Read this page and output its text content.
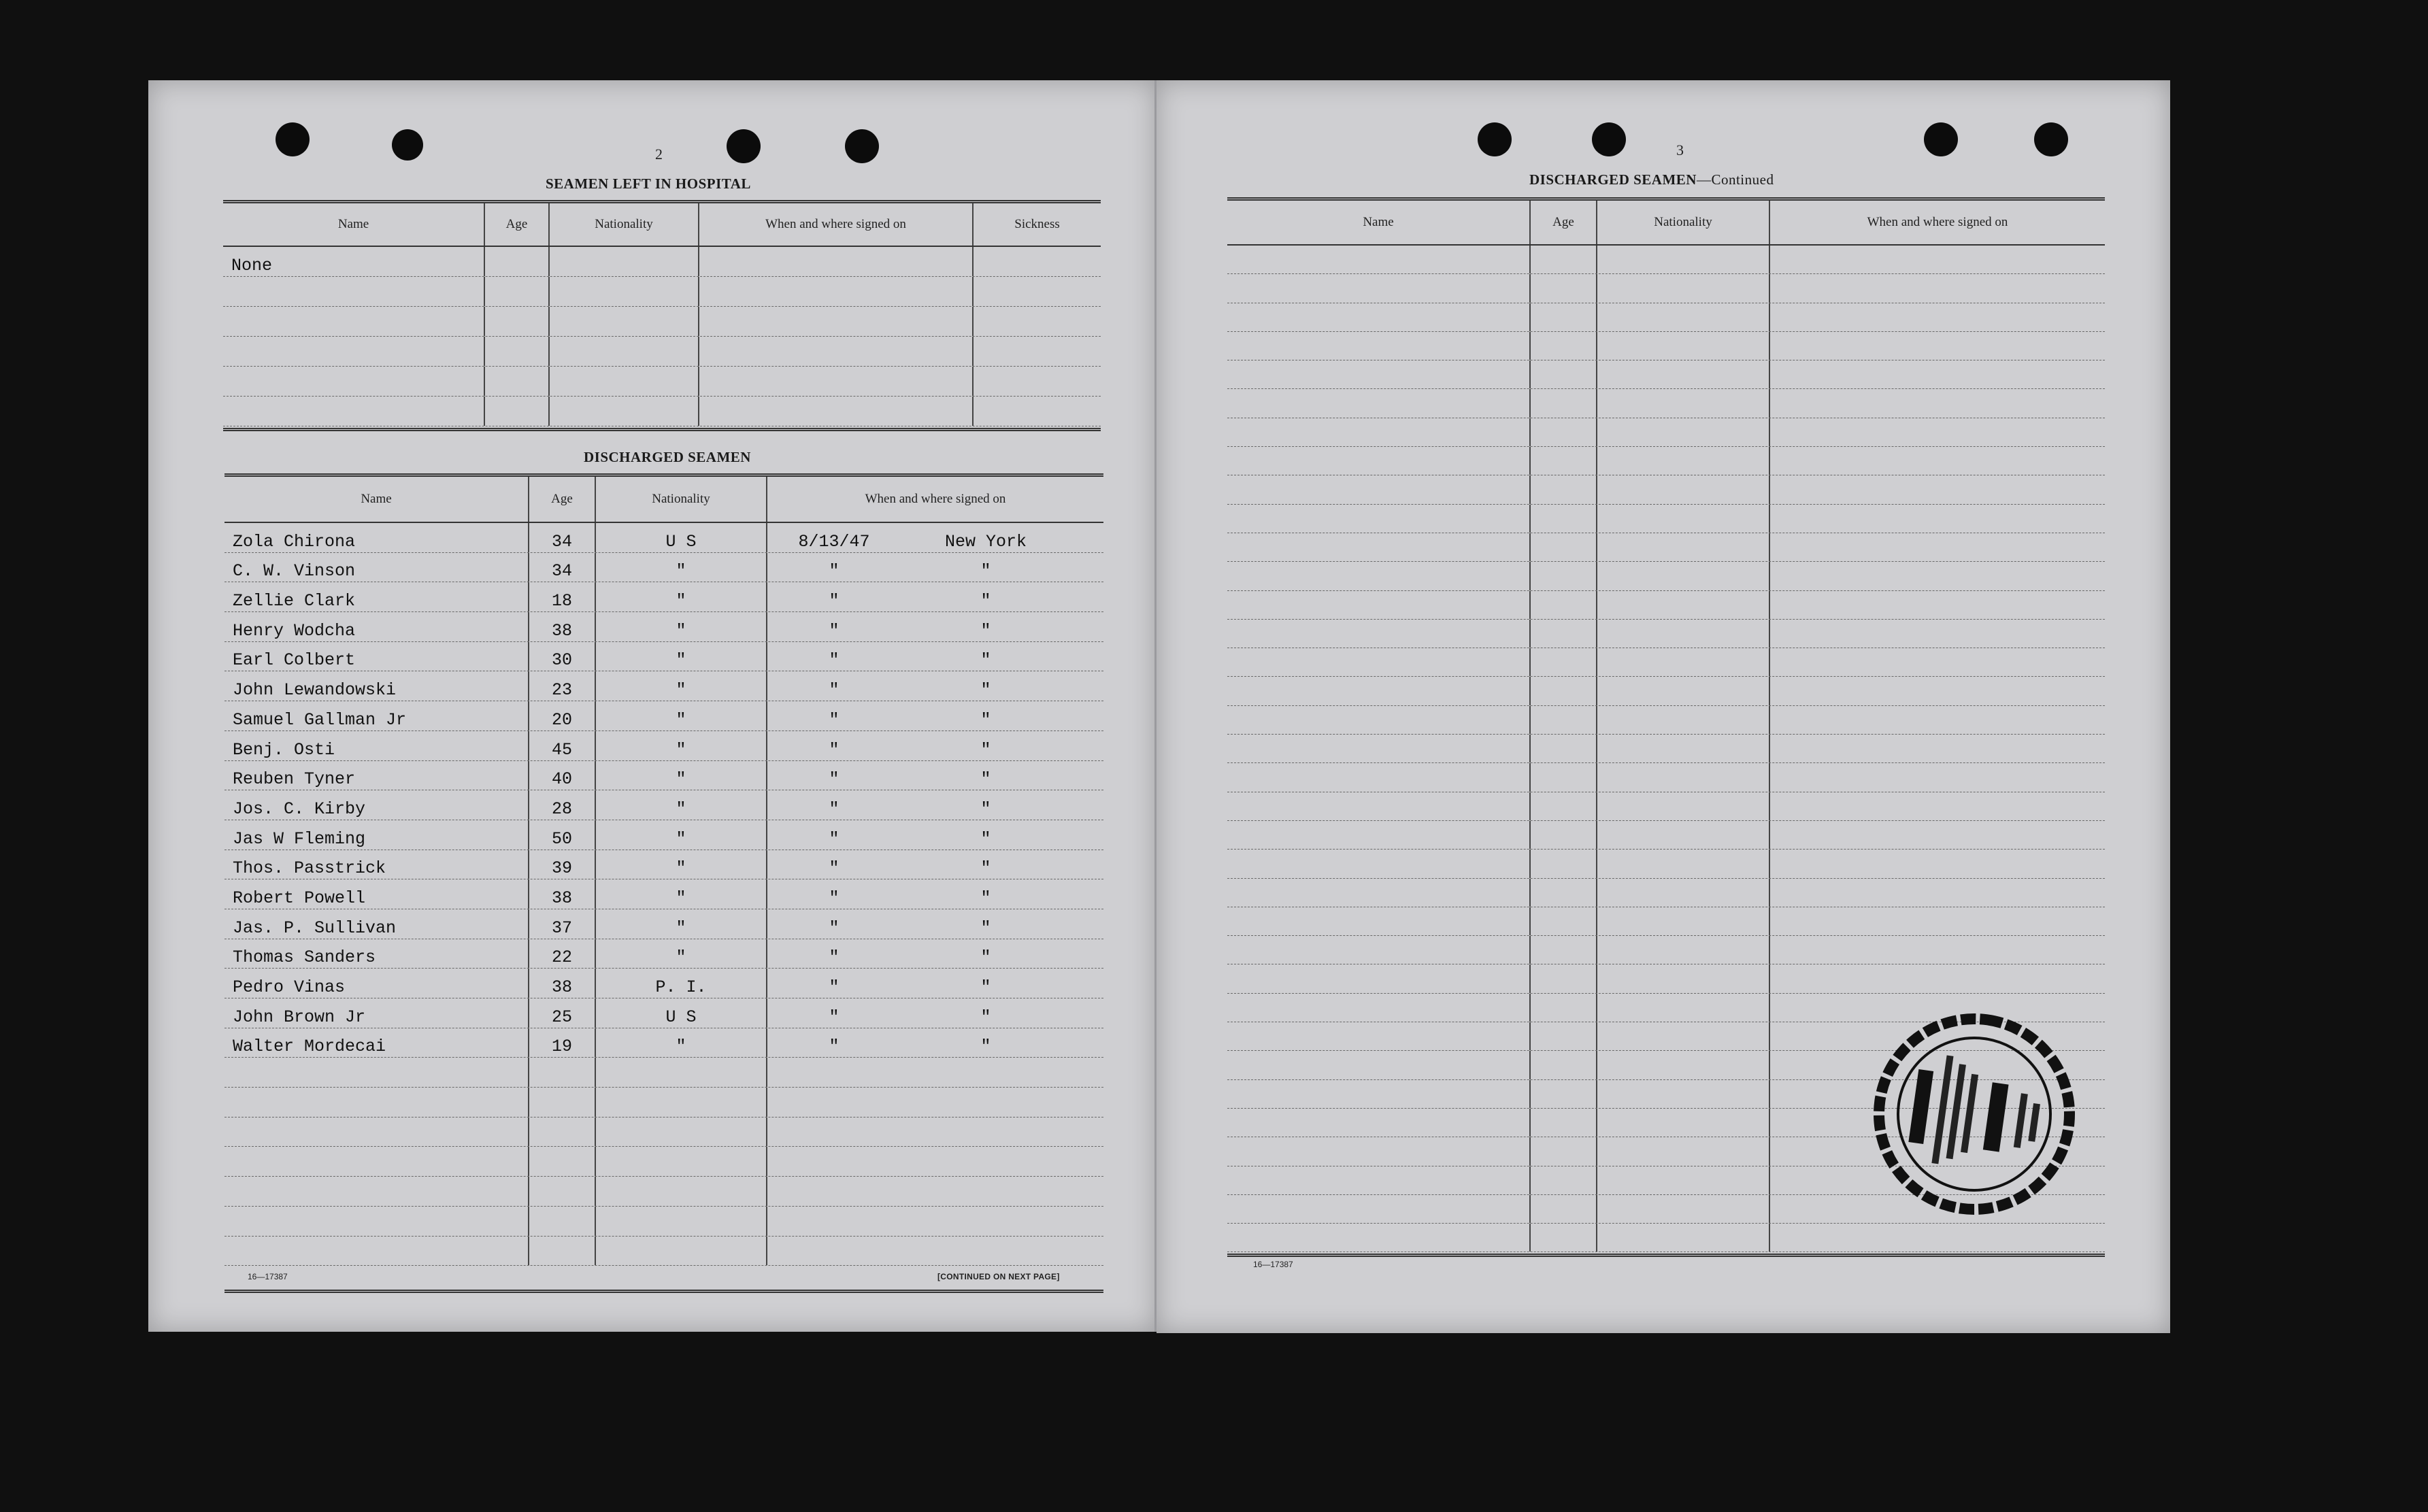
2
SEAMEN LEFT IN HOSPITAL
Name	Age	Nationality	When and where signed on	Sickness
None
DISCHARGED SEAMEN
Name	Age	Nationality	When and where signed on
Zola Chirona	34	U S	8/13/47	New York
C. W. Vinson	34	"	"	"
Zellie Clark	18	"	"	"
Henry Wodcha	38	"	"	"
Earl Colbert	30	"	"	"
John Lewandowski	23	"	"	"
Samuel Gallman Jr	20	"	"	"
Benj. Osti	45	"	"	"
Reuben Tyner	40	"	"	"
Jos. C. Kirby	28	"	"	"
Jas W Fleming	50	"	"	"
Thos. Passtrick	39	"	"	"
Robert Powell	38	"	"	"
Jas. P. Sullivan	37	"	"	"
Thomas Sanders	22	"	"	"
Pedro Vinas	38	P. I.	"	"
John Brown Jr	25	U S	"	"
Walter Mordecai	19	"	"	"
16—17387	[CONTINUED ON NEXT PAGE]
3
DISCHARGED SEAMEN—Continued
Name	Age	Nationality	When and where signed on
16—17387
